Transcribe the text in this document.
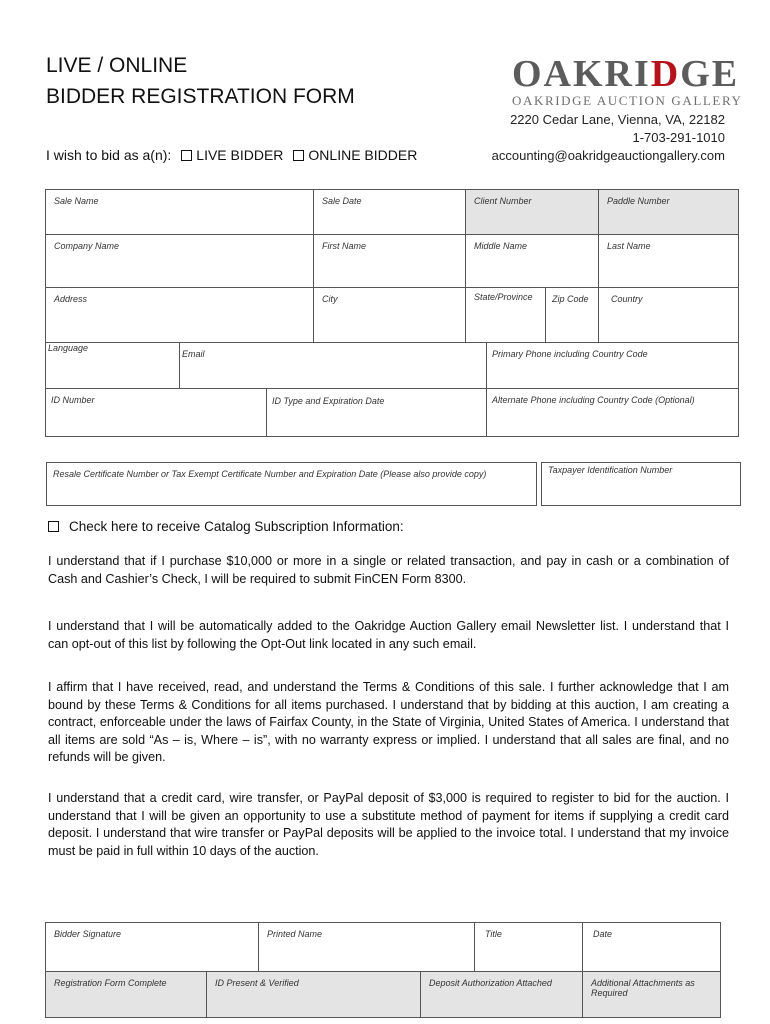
LIVE / ONLINE
BIDDER REGISTRATION FORM
OAKRIDGE
OAKRIDGE AUCTION GALLERY
2220 Cedar Lane, Vienna, VA, 22182
1-703-291-1010
accounting@oakridgeauctiongallery.com
I wish to bid as a(n): LIVE BIDDER ONLINE BIDDER
Sale Name	Sale Date	Client Number		Paddle Number
Company Name	First Name	Middle Name		Last Name
Address	City	State/Province	Zip Code	Country
Language	Email		Primary Phone including Country Code
ID Number		ID Type and Expiration Date	Alternate Phone including Country Code (Optional)
Resale Certificate Number or Tax Exempt Certificate Number and Expiration Date (Please also provide copy)	Taxpayer Identification Number
Check here to receive Catalog Subscription Information:
I understand that if I purchase $10,000 or more in a single or related transaction, and pay in cash or a combination of Cash and Cashier’s Check, I will be required to submit FinCEN Form 8300.
I understand that I will be automatically added to the Oakridge Auction Gallery email Newsletter list. I understand that I can opt-out of this list by following the Opt-Out link located in any such email.
I affirm that I have received, read, and understand the Terms & Conditions of this sale. I further acknowledge that I am bound by these Terms & Conditions for all items purchased. I understand that by bidding at this auction, I am creating a contract, enforceable under the laws of Fairfax County, in the State of Virginia, United States of America. I understand that all items are sold “As – is, Where – is”, with no warranty express or implied. I understand that all sales are final, and no refunds will be given.
I understand that a credit card, wire transfer, or PayPal deposit of $3,000 is required to register to bid for the auction. I understand that I will be given an opportunity to use a substitute method of payment for items if supplying a credit card deposit. I understand that wire transfer or PayPal deposits will be applied to the invoice total. I understand that my invoice must be paid in full within 10 days of the auction.
Bidder Signature		Printed Name		Title	Date
Registration Form Complete	ID Present & Verified		Deposit Authorization Attached		Additional Attachments as Required
